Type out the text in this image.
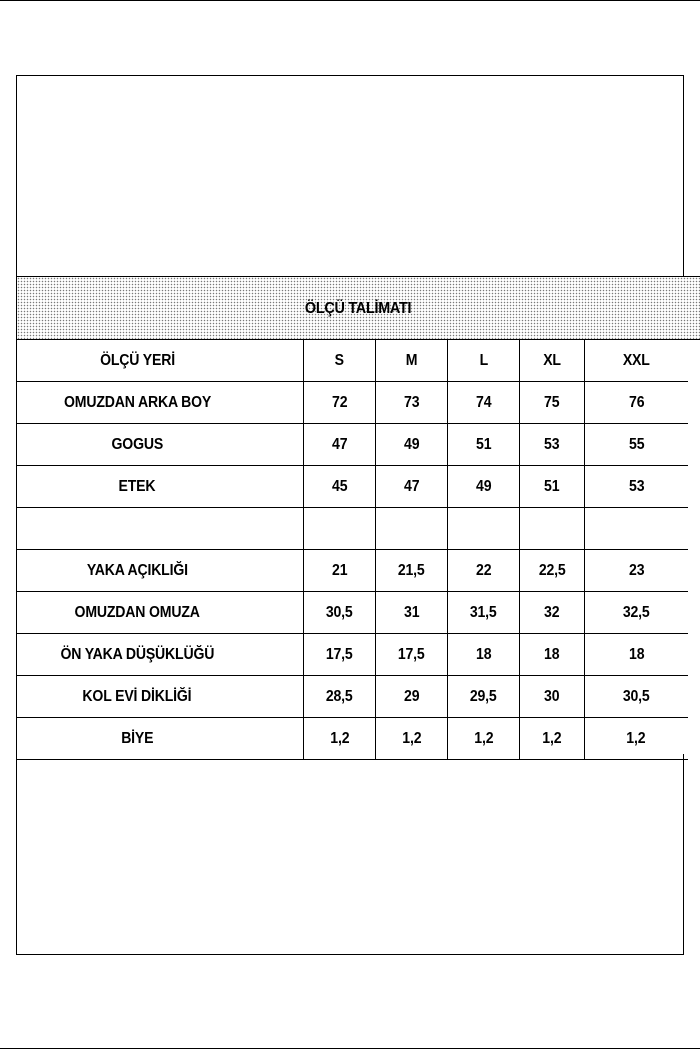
ÖLÇÜ TALİMATI
ÖLÇÜ YERİ		S	M	L	XL	XXL
OMUZDAN ARKA BOY		72	73	74	75	76
GOGUS		47	49	51	53	55
ETEK		45	47	49	51	53

YAKA AÇIKLIĞI		21	21,5	22	22,5	23
OMUZDAN OMUZA		30,5	31	31,5	32	32,5
ÖN YAKA DÜŞÜKLÜĞÜ		17,5	17,5	18	18	18
KOL EVİ DİKLİĞİ		28,5	29	29,5	30	30,5
BİYE		1,2	1,2	1,2	1,2	1,2
